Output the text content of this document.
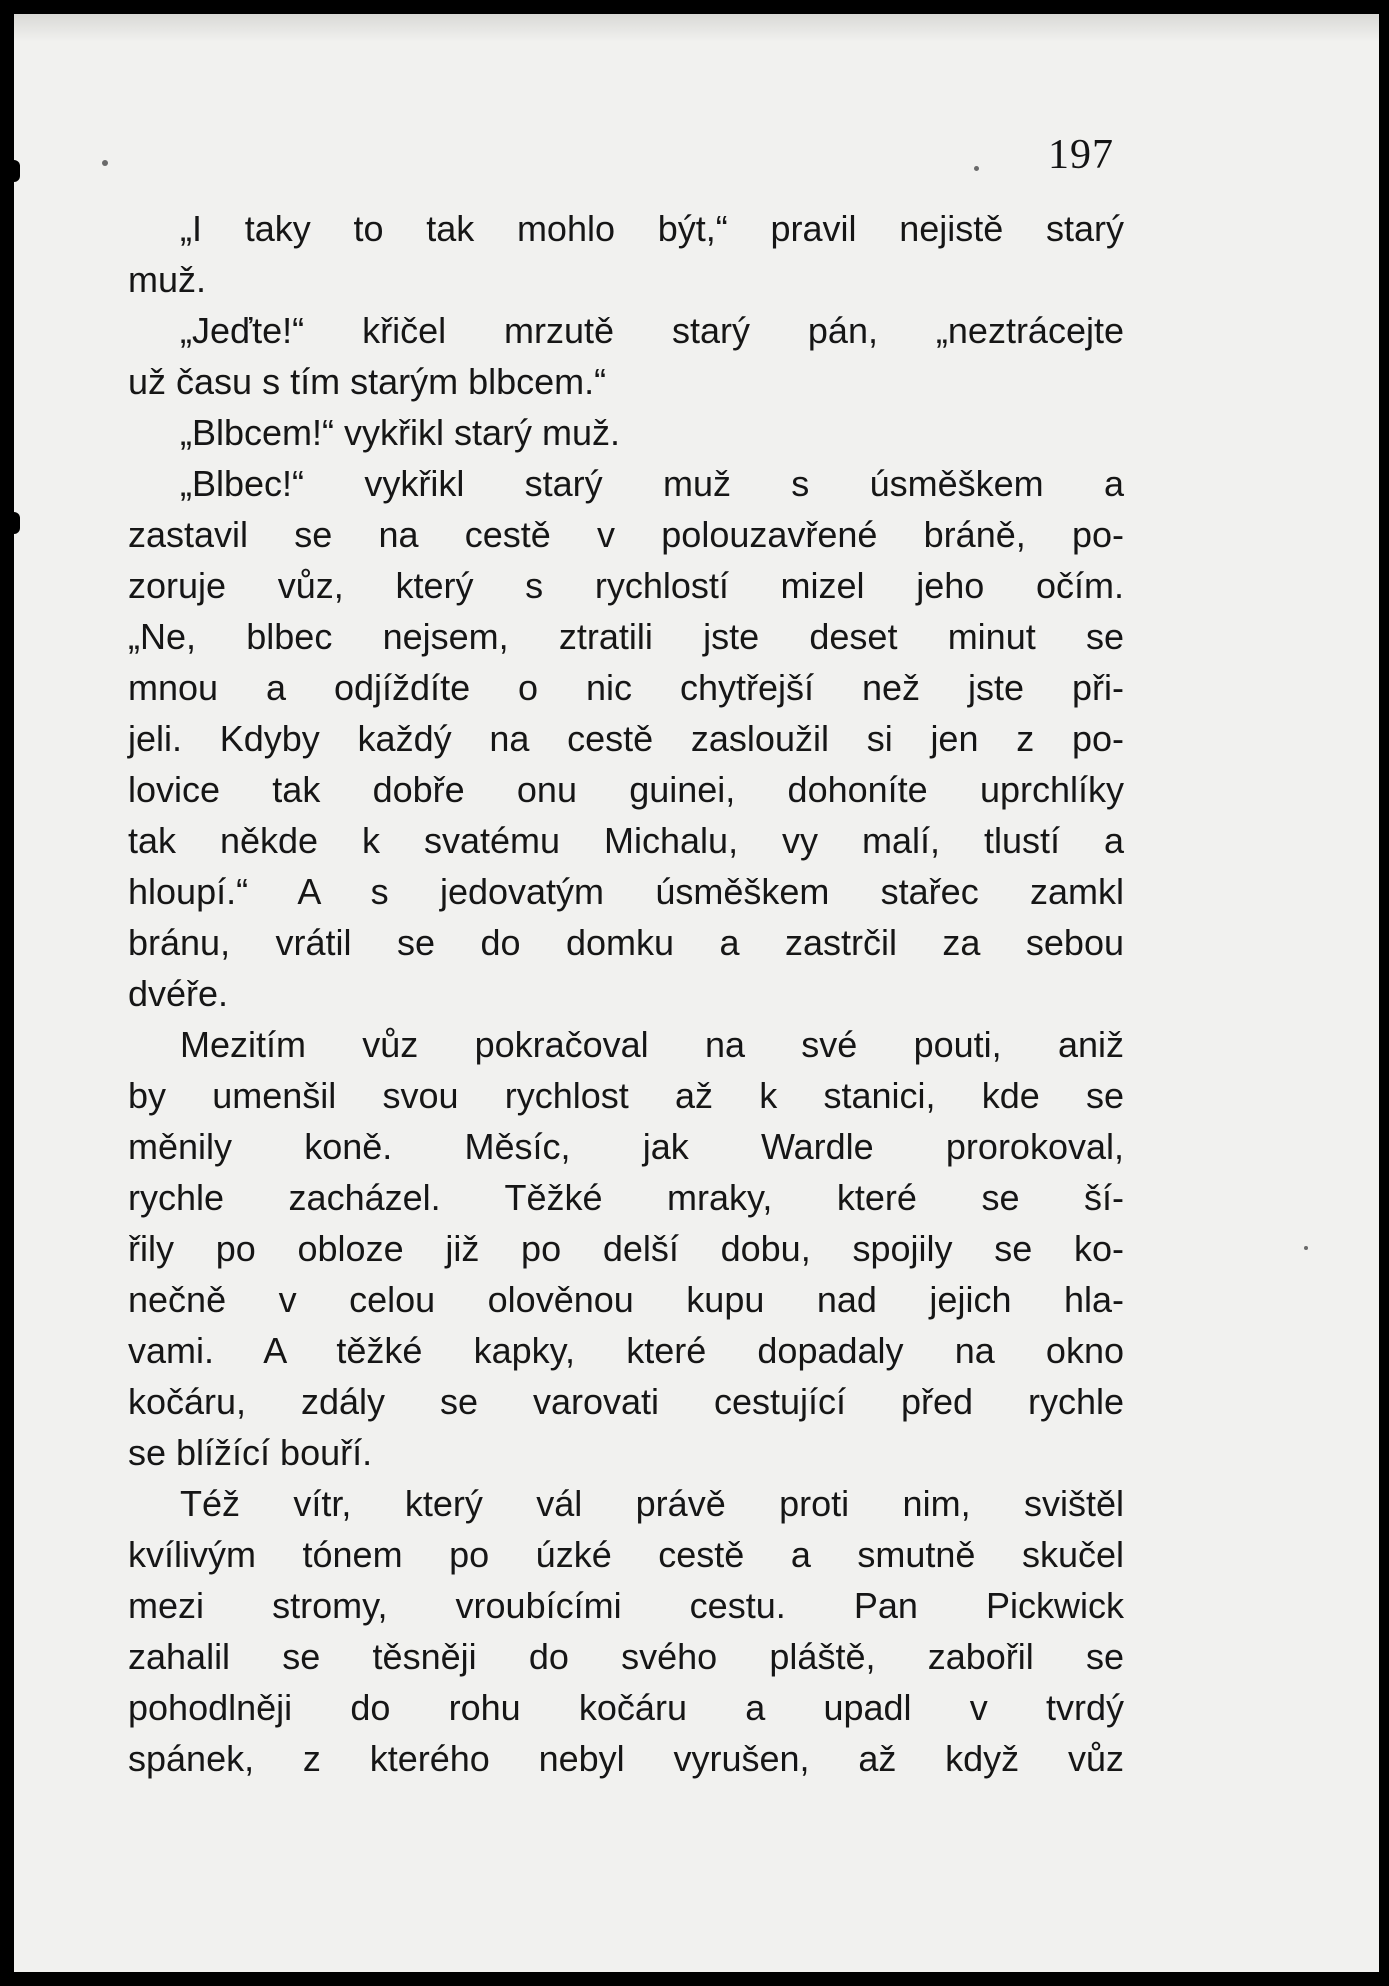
197
„I taky to tak mohlo být,“ pravil nejistě starý
muž.
„Jeďte!“ křičel mrzutě starý pán, „neztrácejte
už času s tím starým blbcem.“
„Blbcem!“ vykřikl starý muž.
„Blbec!“ vykřikl starý muž s úsměškem a
zastavil se na cestě v polouzavřené bráně, po-
zoruje vůz, který s rychlostí mizel jeho očím.
„Ne, blbec nejsem, ztratili jste deset minut se
mnou a odjíždíte o nic chytřejší než jste při-
jeli. Kdyby každý na cestě zasloužil si jen z po-
lovice tak dobře onu guinei, dohoníte uprchlíky
tak někde k svatému Michalu, vy malí, tlustí a
hloupí.“ A s jedovatým úsměškem stařec zamkl
bránu, vrátil se do domku a zastrčil za sebou
dvéře.
Mezitím vůz pokračoval na své pouti, aniž
by umenšil svou rychlost až k stanici, kde se
měnily koně. Měsíc, jak Wardle prorokoval,
rychle zacházel. Těžké mraky, které se ší-
řily po obloze již po delší dobu, spojily se ko-
nečně v celou olověnou kupu nad jejich hla-
vami. A těžké kapky, které dopadaly na okno
kočáru, zdály se varovati cestující před rychle
se blížící bouří.
Též vítr, který vál právě proti nim, svištěl
kvílivým tónem po úzké cestě a smutně skučel
mezi stromy, vroubícími cestu. Pan Pickwick
zahalil se těsněji do svého pláště, zabořil se
pohodlněji do rohu kočáru a upadl v tvrdý
spánek, z kterého nebyl vyrušen, až když vůz
